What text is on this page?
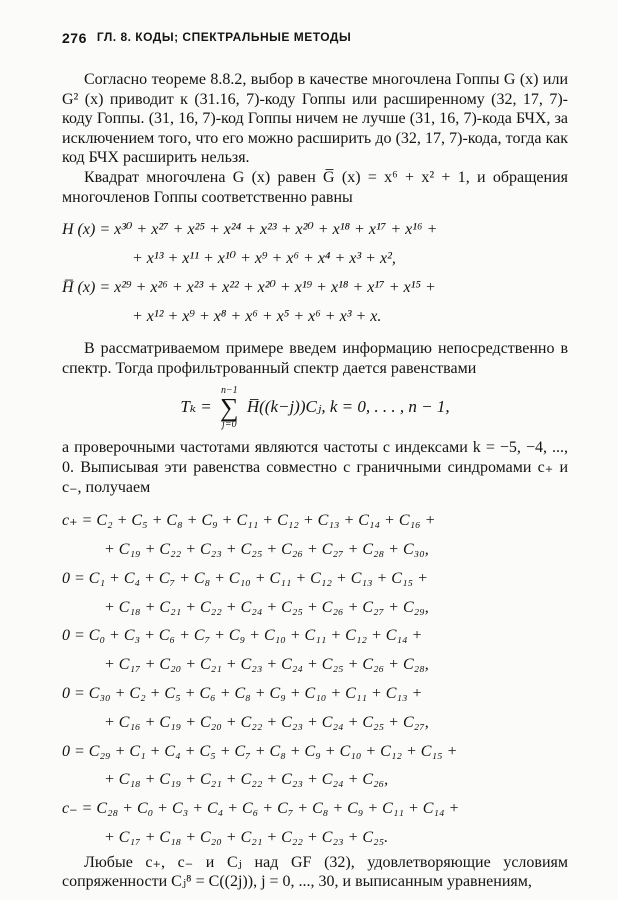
276 ГЛ. 8. КОДЫ; СПЕКТРАЛЬНЫЕ МЕТОДЫ

Согласно теореме 8.8.2, выбор в качестве многочлена Гоппы G (x) или G² (x) приводит к (31.16, 7)-коду Гоппы или расширенному (32, 17, 7)-коду Гоппы. (31, 16, 7)-код Гоппы ничем не лучше (31, 16, 7)-кода БЧХ, за исключением того, что его можно расширить до (32, 17, 7)-кода, тогда как код БЧХ расширить нельзя.

Квадрат многочлена G (x) равен G̅ (x) = x⁶ + x² + 1, и обращения многочленов Гоппы соответственно равны

H (x) = x³⁰ + x²⁷ + x²⁵ + x²⁴ + x²³ + x²⁰ + x¹⁸ + x¹⁷ + x¹⁶ +
+ x¹³ + x¹¹ + x¹⁰ + x⁹ + x⁶ + x⁴ + x³ + x²,
H̅ (x) = x²⁹ + x²⁶ + x²³ + x²² + x²⁰ + x¹⁹ + x¹⁸ + x¹⁷ + x¹⁵ +
+ x¹² + x⁹ + x⁸ + x⁶ + x⁵ + x⁶ + x³ + x.

В рассматриваемом примере введем информацию непосредственно в спектр. Тогда профильтрованный спектр дается равенствами

Tₖ =
n−1
∑
j=0
H̅((k−j))Cⱼ, k = 0, . . . , n − 1,

а проверочными частотами являются частоты с индексами k = −5, −4, ..., 0. Выписывая эти равенства совместно с граничными синдромами c₊ и c₋, получаем

c₊ = C₂ + C₅ + C₈ + C₉ + C₁₁ + C₁₂ + C₁₃ + C₁₄ + C₁₆ +
+ C₁₉ + C₂₂ + C₂₃ + C₂₅ + C₂₆ + C₂₇ + C₂₈ + C₃₀,
0 = C₁ + C₄ + C₇ + C₈ + C₁₀ + C₁₁ + C₁₂ + C₁₃ + C₁₅ +
+ C₁₈ + C₂₁ + C₂₂ + C₂₄ + C₂₅ + C₂₆ + C₂₇ + C₂₉,
0 = C₀ + C₃ + C₆ + C₇ + C₉ + C₁₀ + C₁₁ + C₁₂ + C₁₄ +
+ C₁₇ + C₂₀ + C₂₁ + C₂₃ + C₂₄ + C₂₅ + C₂₆ + C₂₈,
0 = C₃₀ + C₂ + C₅ + C₆ + C₈ + C₉ + C₁₀ + C₁₁ + C₁₃ +
+ C₁₆ + C₁₉ + C₂₀ + C₂₂ + C₂₃ + C₂₄ + C₂₅ + C₂₇,
0 = C₂₉ + C₁ + C₄ + C₅ + C₇ + C₈ + C₉ + C₁₀ + C₁₂ + C₁₅ +
+ C₁₈ + C₁₉ + C₂₁ + C₂₂ + C₂₃ + C₂₄ + C₂₆,
c₋ = C₂₈ + C₀ + C₃ + C₄ + C₆ + C₇ + C₈ + C₉ + C₁₁ + C₁₄ +
+ C₁₇ + C₁₈ + C₂₀ + C₂₁ + C₂₂ + C₂₃ + C₂₅.

Любые c₊, c₋ и Cⱼ над GF (32), удовлетворяющие условиям сопряженности Cⱼ⁸ = C((2j)), j = 0, ..., 30, и выписанным уравнениям,
